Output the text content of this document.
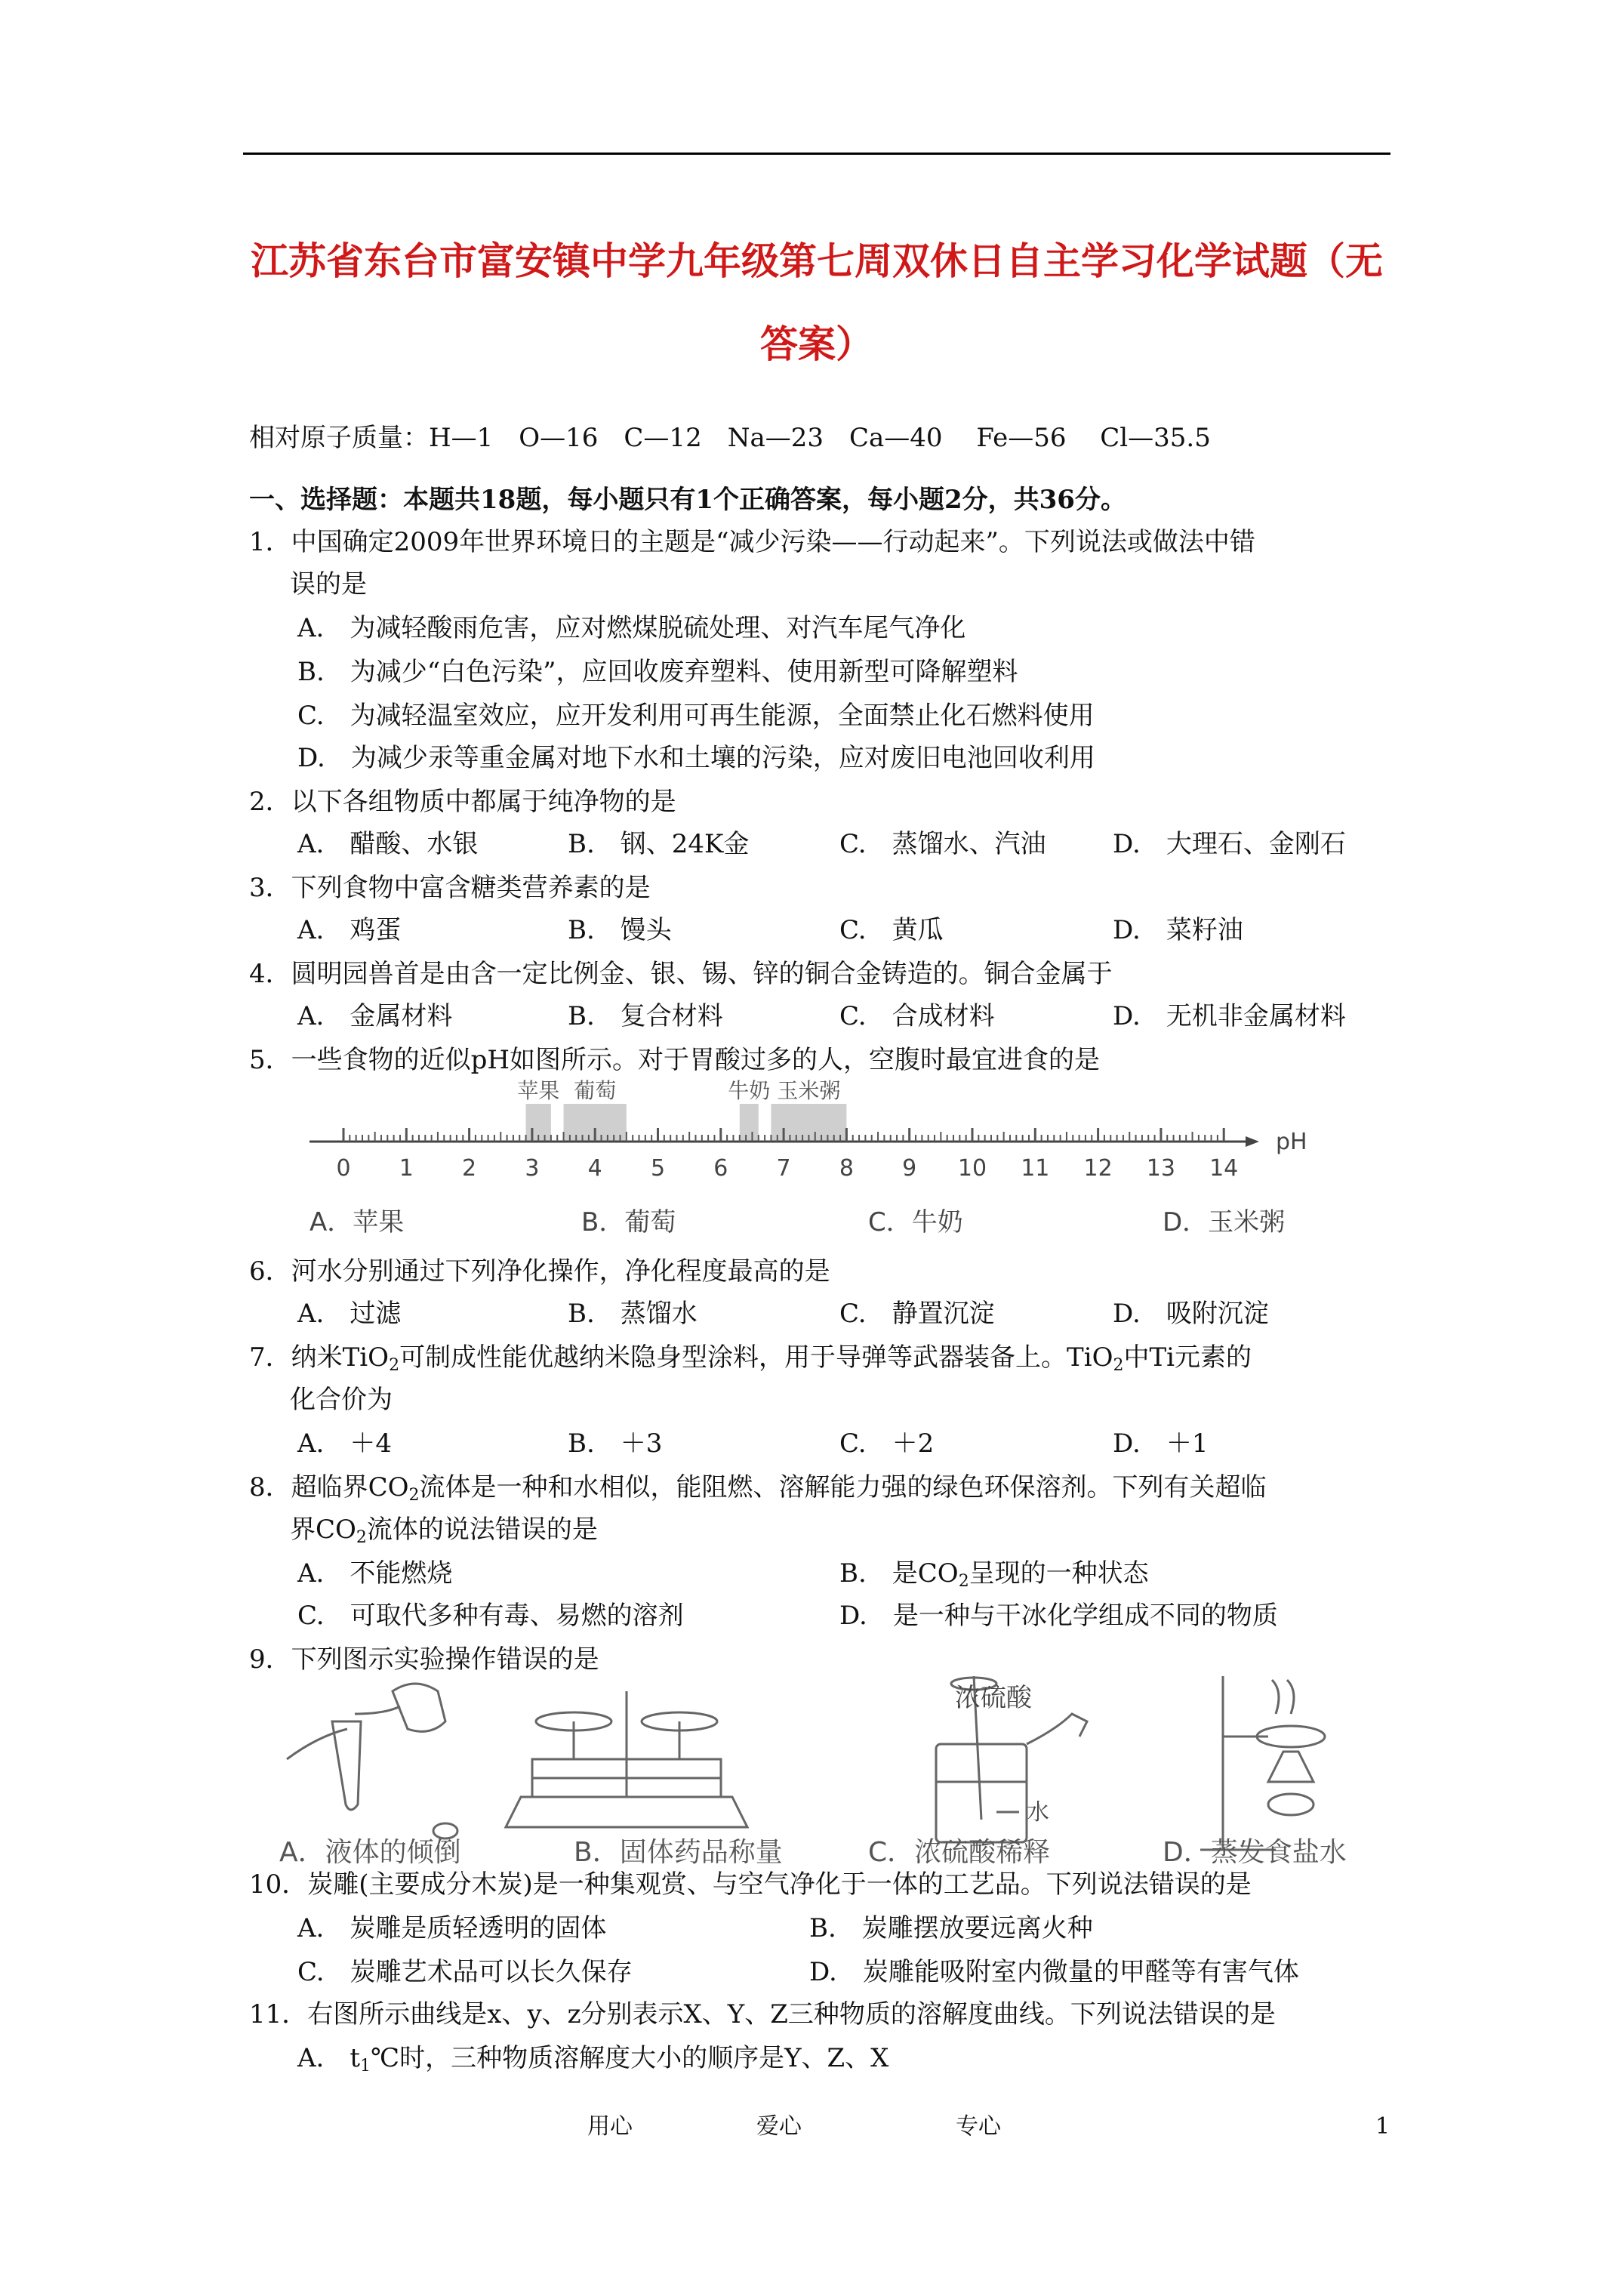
江苏省东台市富安镇中学九年级第七周双休日自主学习化学试题（无
答案）
相对原子质量：H—1　O—16　C—12　Na—23　Ca—40　 Fe—56　 Cl—35.5
一、选择题：本题共18题，每小题只有1个正确答案，每小题2分，共36分。
1．中国确定2009年世界环境日的主题是“减少污染——行动起来”。下列说法或做法中错
误的是
A.　为减轻酸雨危害，应对燃煤脱硫处理、对汽车尾气净化
B.　为减少“白色污染”，应回收废弃塑料、使用新型可降解塑料
C.　为减轻温室效应，应开发利用可再生能源，全面禁止化石燃料使用
D.　为减少汞等重金属对地下水和土壤的污染，应对废旧电池回收利用
2．以下各组物质中都属于纯净物的是
A.　醋酸、水银	B.　钢、24K金	C.　蒸馏水、汽油	D.　大理石、金刚石
3．下列食物中富含糖类营养素的是
A.　鸡蛋	B.　馒头	C.　黄瓜	D.　菜籽油
4．圆明园兽首是由含一定比例金、银、锡、锌的铜合金铸造的。铜合金属于
A.　金属材料	B.　复合材料	C.　合成材料	D.　无机非金属材料
5．一些食物的近似pH如图所示。对于胃酸过多的人，空腹时最宜进食的是
苹果 葡萄	牛奶 玉米粥
0 1 2 3 4 5 6 7 8 9 10 11 12 13 14
pH
A．苹果	B．葡萄	C．牛奶	D．玉米粥
6．河水分别通过下列净化操作，净化程度最高的是
A.　过滤	B.　蒸馏水	C.　静置沉淀	D.　吸附沉淀
7．纳米TiO$_2$可制成性能优越纳米隐身型涂料，用于导弹等武器装备上。TiO$_2$中Ti元素的
化合价为
A.　＋4	B.　＋3	C.　＋2	D.　＋1
8．超临界$CO_2$流体是一种和水相似，能阻燃、溶解能力强的绿色环保溶剂。下列有关超临
界$CO_2$流体的说法错误的是
A.　不能燃烧	B.　是$CO_2$呈现的一种状态
C.　可取代多种有毒、易燃的溶剂	D.　是一种与干冰化学组成不同的物质
9．下列图示实验操作错误的是
浓硫酸
水
A．液体的倾倒	B．固体药品称量	C．浓硫酸稀释	D．蒸发食盐水
10．炭雕(主要成分木炭)是一种集观赏、与空气净化于一体的工艺品。下列说法错误的是
A.　炭雕是质轻透明的固体	B.　炭雕摆放要远离火种
C.　炭雕艺术品可以长久保存	D.　炭雕能吸附室内微量的甲醛等有害气体
11．右图所示曲线是x、y、z分别表示X、Y、Z三种物质的溶解度曲线。下列说法错误的是
A.　$t_1℃$时，三种物质溶解度大小的顺序是Y、Z、X
用心	爱心	专心	1
